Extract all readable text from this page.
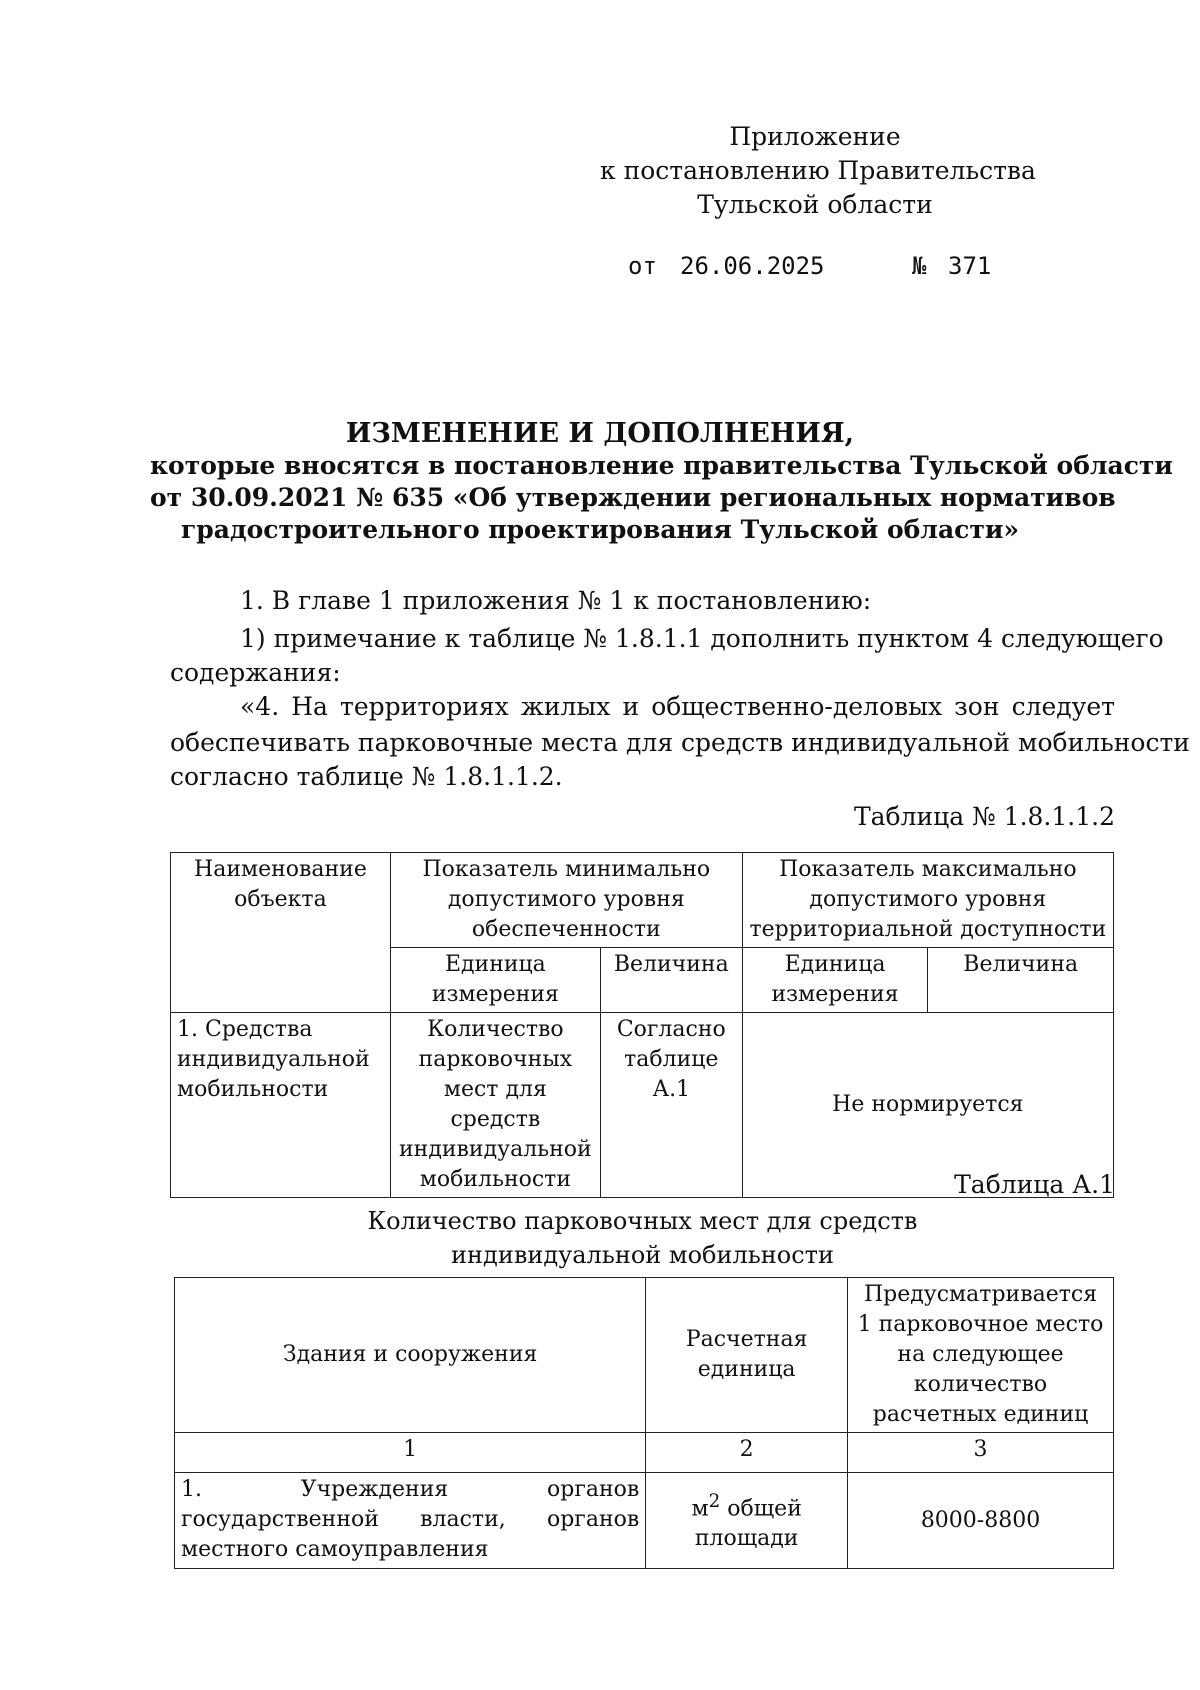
Приложение
к постановлению Правительства
Тульской области
от 26.06.2025	№ 371
ИЗМЕНЕНИЕ И ДОПОЛНЕНИЯ,
которые вносятся в постановление правительства Тульской области
от 30.09.2021 № 635 «Об утверждении региональных нормативов
градостроительного проектирования Тульской области»
1. В главе 1 приложения № 1 к постановлению:
1) примечание к таблице № 1.8.1.1 дополнить пунктом 4 следующего
содержания:
«4. На территориях жилых и общественно-деловых зон следует
обеспечивать парковочные места для средств индивидуальной мобильности
согласно таблице № 1.8.1.1.2.
Таблица № 1.8.1.1.2
Наименование объекта	Показатель минимально допустимого уровня обеспеченности		Показатель максимально допустимого уровня территориальной доступности	
	Единица измерения	Величина	Единица измерения	Величина
1. Средства индивидуальной мобильности	Количество парковочных мест для средств индивидуальной мобильности	Согласно таблице А.1	Не нормируется	
Таблица А.1
Количество парковочных мест для средств
индивидуальной мобильности
Здания и сооружения	Расчетная единица	Предусматривается 1 парковочное место на следующее количество расчетных единиц
1	2	3
1. Учреждения органов государственной власти, органов местного самоуправления	$м^2$ общей площади	8000-8800
